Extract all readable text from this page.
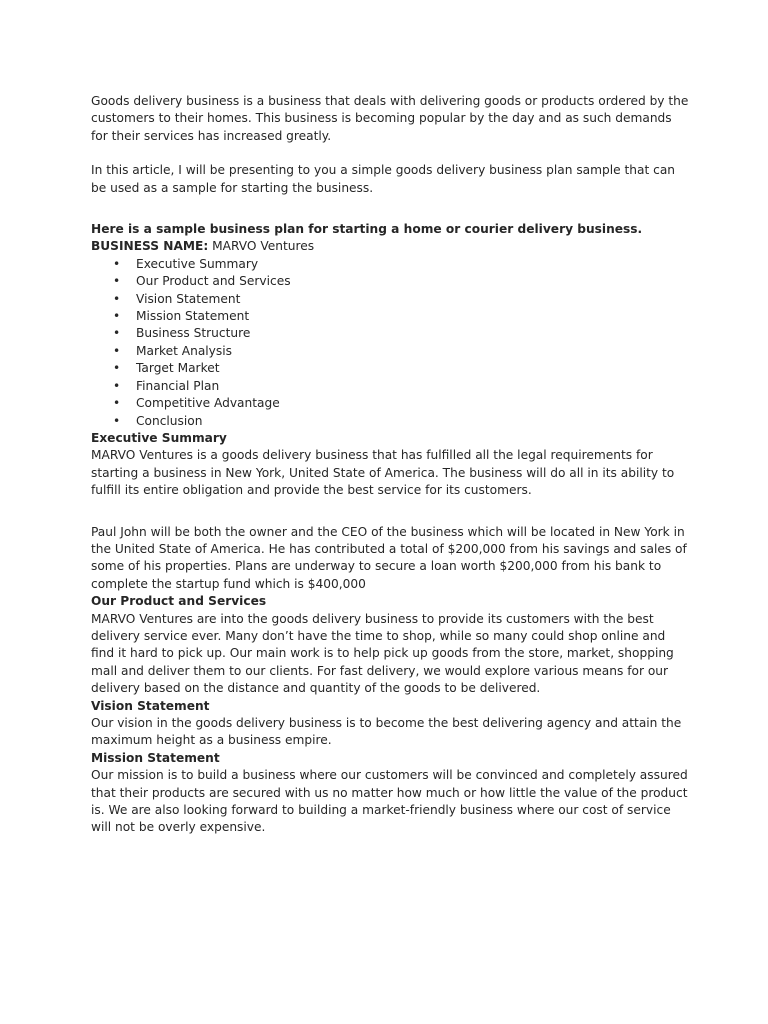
Goods delivery business is a business that deals with delivering goods or products ordered by the customers to their homes. This business is becoming popular by the day and as such demands for their services has increased greatly.

In this article, I will be presenting to you a simple goods delivery business plan sample that can be used as a sample for starting the business.

Here is a sample business plan for starting a home or courier delivery business.

BUSINESS NAME: MARVO Ventures

• Executive Summary
• Our Product and Services
• Vision Statement
• Mission Statement
• Business Structure
• Market Analysis
• Target Market
• Financial Plan
• Competitive Advantage
• Conclusion

Executive Summary

MARVO Ventures is a goods delivery business that has fulfilled all the legal requirements for starting a business in New York, United State of America. The business will do all in its ability to fulfill its entire obligation and provide the best service for its customers.

Paul John will be both the owner and the CEO of the business which will be located in New York in the United State of America. He has contributed a total of $200,000 from his savings and sales of some of his properties. Plans are underway to secure a loan worth $200,000 from his bank to complete the startup fund which is $400,000

Our Product and Services

MARVO Ventures are into the goods delivery business to provide its customers with the best delivery service ever. Many don’t have the time to shop, while so many could shop online and find it hard to pick up. Our main work is to help pick up goods from the store, market, shopping mall and deliver them to our clients. For fast delivery, we would explore various means for our delivery based on the distance and quantity of the goods to be delivered.

Vision Statement

Our vision in the goods delivery business is to become the best delivering agency and attain the maximum height as a business empire.

Mission Statement

Our mission is to build a business where our customers will be convinced and completely assured that their products are secured with us no matter how much or how little the value of the product is. We are also looking forward to building a market-friendly business where our cost of service will not be overly expensive.
